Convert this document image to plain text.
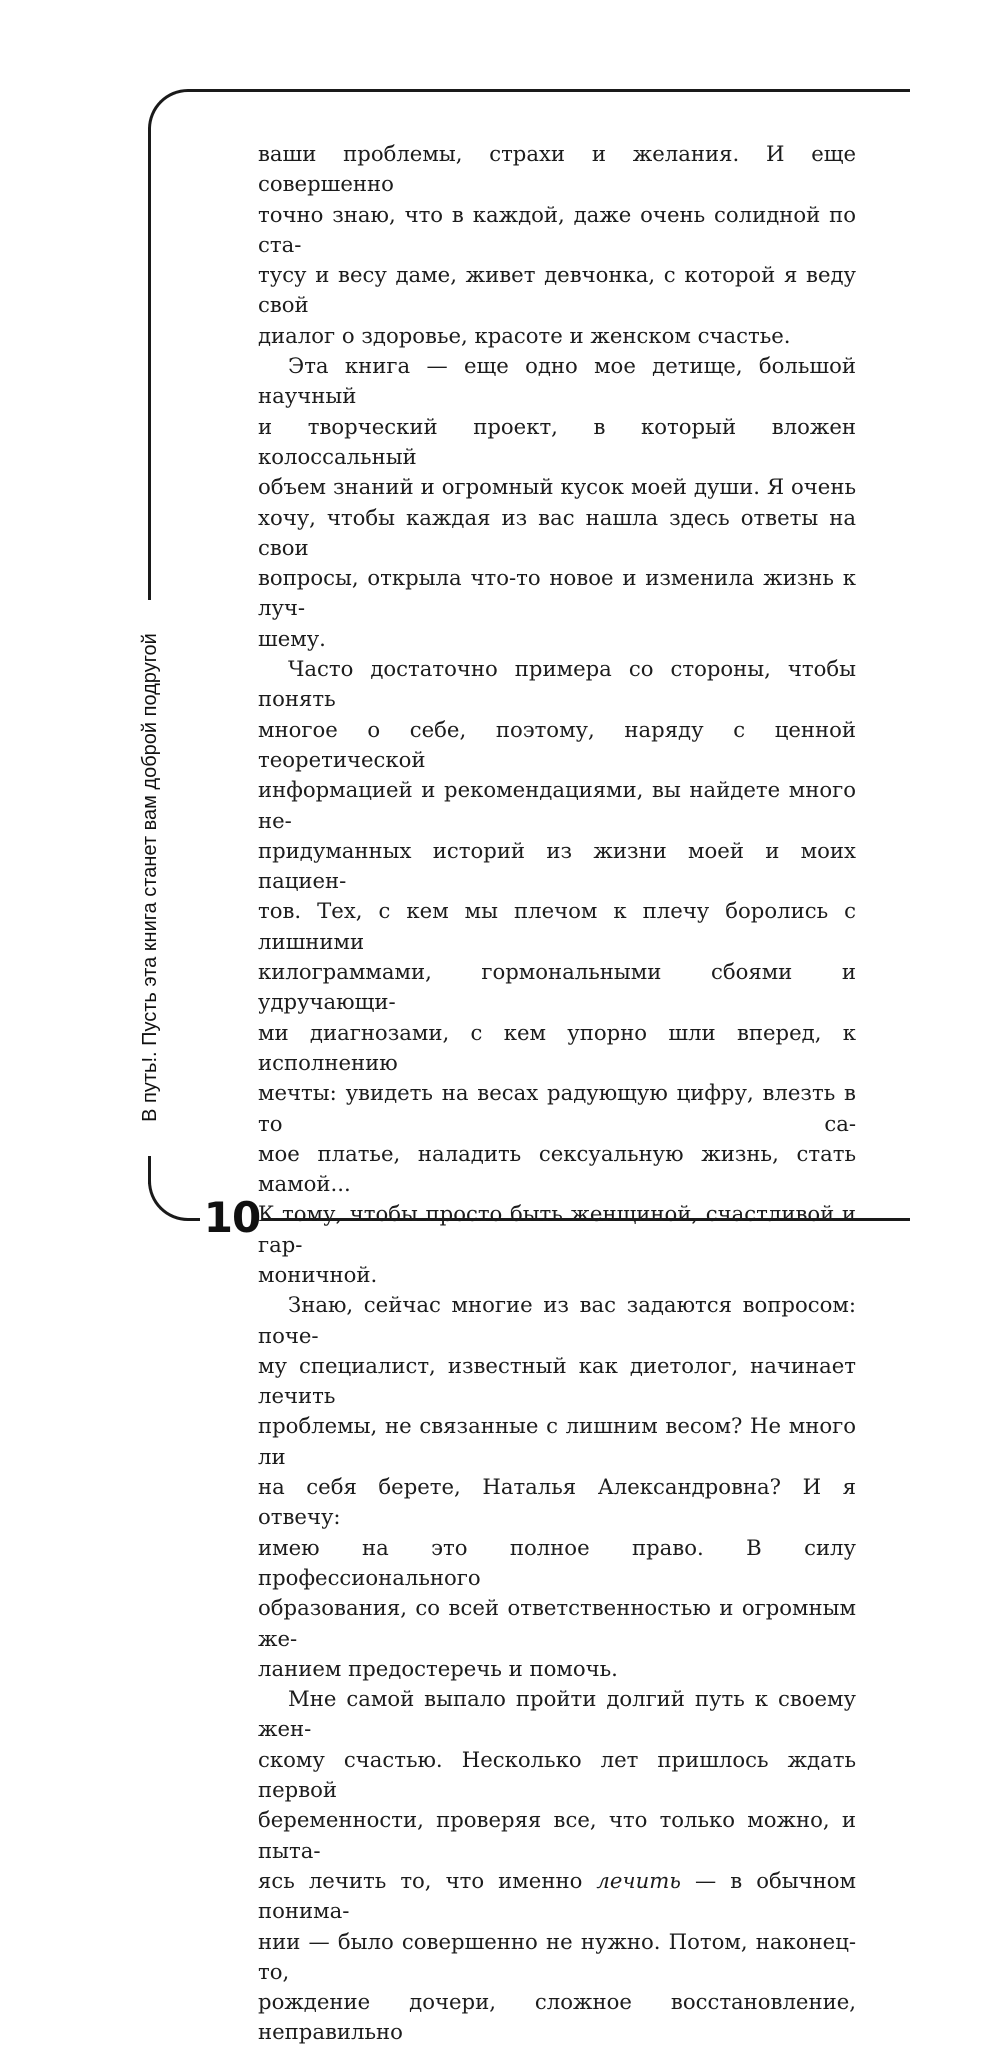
В путь!. Пусть эта книга станет вам доброй подругой
10

ваши проблемы, страхи и желания. И еще совершенно
точно знаю, что в каждой, даже очень солидной по ста-
тусу и весу даме, живет девчонка, с которой я веду свой
диалог о здоровье, красоте и женском счастье.

Эта книга — еще одно мое детище, большой научный
и творческий проект, в который вложен колоссальный
объем знаний и огромный кусок моей души. Я очень
хочу, чтобы каждая из вас нашла здесь ответы на свои
вопросы, открыла что-то новое и изменила жизнь к луч-
шему.

Часто достаточно примера со стороны, чтобы понять
многое о себе, поэтому, наряду с ценной теоретической
информацией и рекомендациями, вы найдете много не-
придуманных историй из жизни моей и моих пациен-
тов. Тех, с кем мы плечом к плечу боролись с лишними
килограммами, гормональными сбоями и удручающи-
ми диагнозами, с кем упорно шли вперед, к исполнению
мечты: увидеть на весах радующую цифру, влезть в то са-
мое платье, наладить сексуальную жизнь, стать мамой...
К тому, чтобы просто быть женщиной, счастливой и гар-
моничной.

Знаю, сейчас многие из вас задаются вопросом: поче-
му специалист, известный как диетолог, начинает лечить
проблемы, не связанные с лишним весом? Не много ли
на себя берете, Наталья Александровна? И я отвечу:
имею на это полное право. В силу профессионального
образования, со всей ответственностью и огромным же-
ланием предостеречь и помочь.

Мне самой выпало пройти долгий путь к своему жен-
скому счастью. Несколько лет пришлось ждать первой
беременности, проверяя все, что только можно, и пыта-
ясь лечить то, что именно лечить — в обычном понима-
нии — было совершенно не нужно. Потом, наконец-то,
рождение дочери, сложное восстановление, неправильно
